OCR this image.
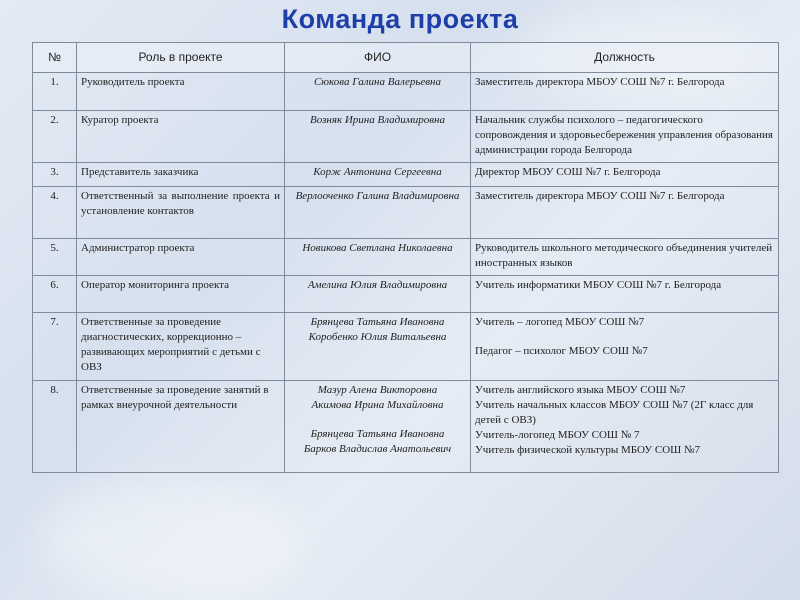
Команда проекта
№	Роль в проекте	ФИО	Должность
1.	Руководитель проекта	Сюкова Галина Валерьевна	Заместитель директора МБОУ СОШ №7 г. Белгорода

2.	Куратор проекта	Возняк Ирина Владимировна	Начальник службы психолого – педагогического сопровождения и здоровьесбережения управления образования администрации города Белгорода

3.	Представитель заказчика	Корж Антонина Сергеевна	Директор МБОУ СОШ №7 г. Белгорода

4.	Ответственный за выполнение проекта и установление контактов	Верлооченко Галина Владимировна	Заместитель директора МБОУ СОШ №7 г. Белгорода

5.	Администратор проекта	Новикова Светлана Николаевна	Руководитель школьного методического объединения учителей иностранных языков

6.	Оператор мониторинга проекта	Амелина Юлия Владимировна	Учитель информатики МБОУ СОШ №7 г. Белгорода

7.	Ответственные за проведение диагностических, коррекционно – развивающих мероприятий с детьми с ОВЗ	Брянцева Татьяна Ивановна
Коробенко Юлия Витальевна	Учитель – логопед МБОУ СОШ №7
Педагог – психолог МБОУ СОШ №7

8.	Ответственные за проведение занятий в рамках внеурочной деятельности	Мазур Алена Викторовна
Акимова Ирина Михайловна
Брянцева Татьяна Ивановна
Барков Владислав Анатольевич	Учитель английского языка МБОУ СОШ №7
Учитель начальных классов МБОУ СОШ №7 (2Г класс для детей с ОВЗ)
Учитель-логопед МБОУ СОШ № 7
Учитель физической культуры МБОУ СОШ №7
